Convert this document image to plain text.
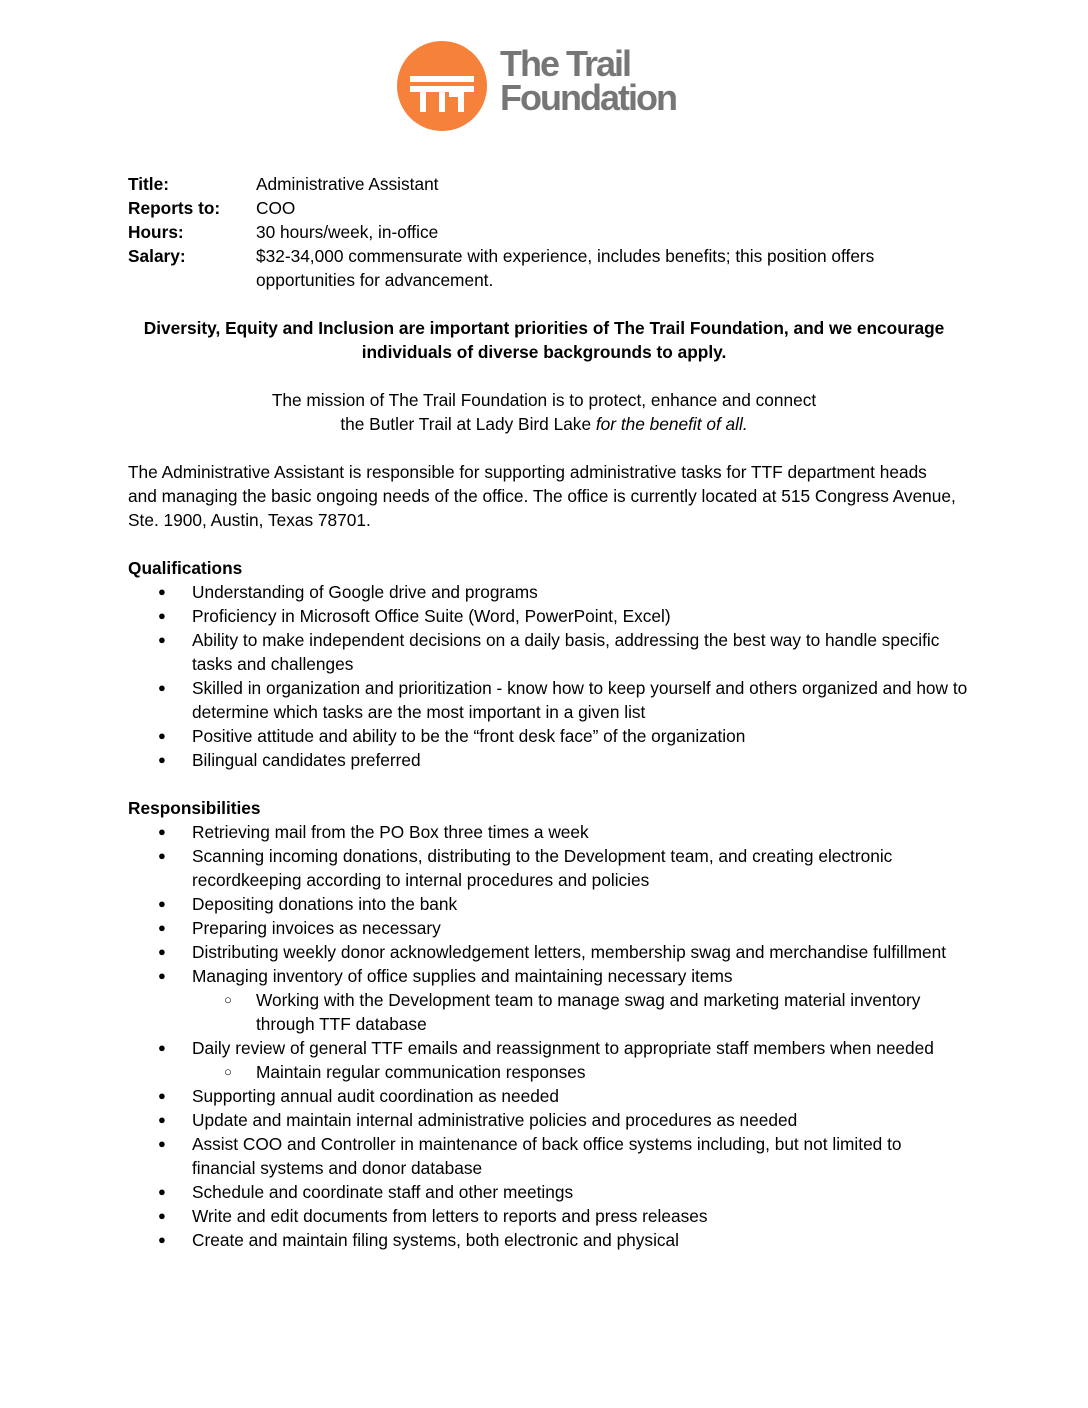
The Trail
Foundation
Title:	Administrative Assistant
Reports to:	COO
Hours:	30 hours/week, in-office
Salary:	$32-34,000 commensurate with experience, includes benefits; this position offers opportunities for advancement.
Diversity, Equity and Inclusion are important priorities of The Trail Foundation, and we encourage
individuals of diverse backgrounds to apply.
The mission of The Trail Foundation is to protect, enhance and connect
the Butler Trail at Lady Bird Lake for the benefit of all.
The Administrative Assistant is responsible for supporting administrative tasks for TTF department heads and managing the basic ongoing needs of the office. The office is currently located at 515 Congress Avenue, Ste. 1900, Austin, Texas 78701.
Qualifications
● Understanding of Google drive and programs
● Proficiency in Microsoft Office Suite (Word, PowerPoint, Excel)
● Ability to make independent decisions on a daily basis, addressing the best way to handle specific tasks and challenges
● Skilled in organization and prioritization - know how to keep yourself and others organized and how to determine which tasks are the most important in a given list
● Positive attitude and ability to be the “front desk face” of the organization
● Bilingual candidates preferred
Responsibilities
● Retrieving mail from the PO Box three times a week
● Scanning incoming donations, distributing to the Development team, and creating electronic recordkeeping according to internal procedures and policies
● Depositing donations into the bank
● Preparing invoices as necessary
● Distributing weekly donor acknowledgement letters, membership swag and merchandise fulfillment
● Managing inventory of office supplies and maintaining necessary items
○ Working with the Development team to manage swag and marketing material inventory through TTF database
● Daily review of general TTF emails and reassignment to appropriate staff members when needed
○ Maintain regular communication responses
● Supporting annual audit coordination as needed
● Update and maintain internal administrative policies and procedures as needed
● Assist COO and Controller in maintenance of back office systems including, but not limited to financial systems and donor database
● Schedule and coordinate staff and other meetings
● Write and edit documents from letters to reports and press releases
● Create and maintain filing systems, both electronic and physical
